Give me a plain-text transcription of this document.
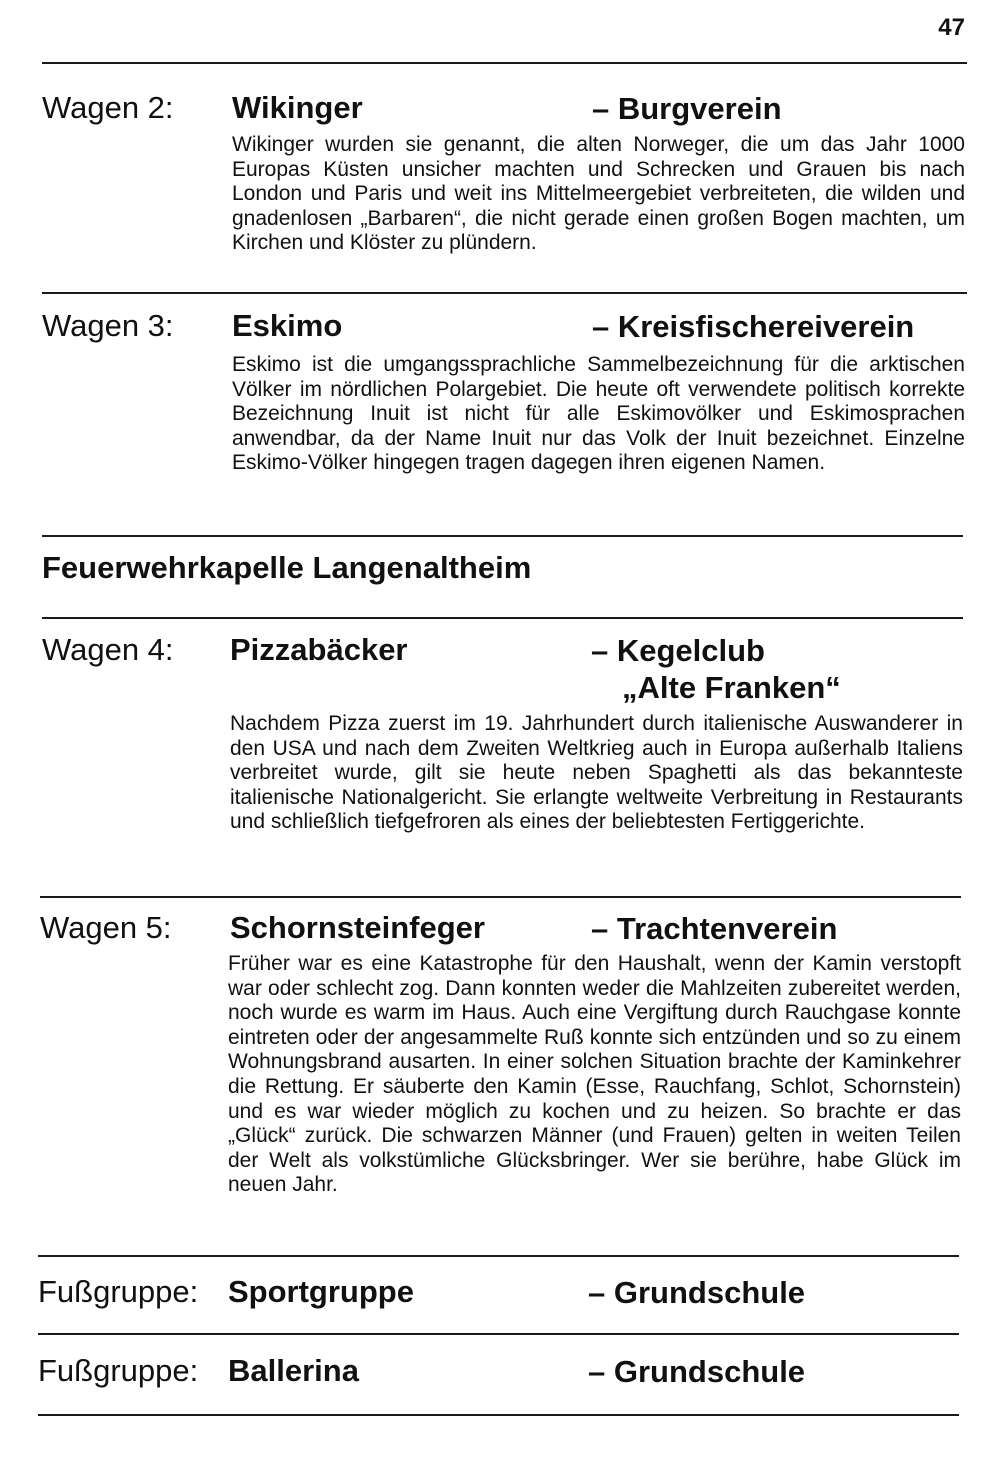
47
Wagen 2: Wikinger	– Burgverein

Wikinger wurden sie genannt, die alten Norweger, die um das Jahr 1000 Europas Küsten unsicher machten und Schrecken und Grauen bis nach London und Paris und weit ins Mittelmeergebiet verbreiteten, die wilden und gnadenlosen „Barbaren“, die nicht gerade einen großen Bogen machten, um Kirchen und Klöster zu plündern.

Wagen 3: Eskimo	– Kreisfischereiverein

Eskimo ist die umgangssprachliche Sammelbezeichnung für die arktischen Völker im nördlichen Polargebiet. Die heute oft verwendete politisch korrekte Bezeichnung Inuit ist nicht für alle Eskimovölker und Eskimosprachen anwendbar, da der Name Inuit nur das Volk der Inuit bezeichnet. Einzelne Eskimo-Völker hingegen tragen dagegen ihren eigenen Namen.

Feuerwehrkapelle Langenaltheim
Wagen 4: Pizzabäcker	– Kegelclub
„Alte Franken“

Nachdem Pizza zuerst im 19. Jahrhundert durch italienische Auswanderer in den USA und nach dem Zweiten Weltkrieg auch in Europa außerhalb Italiens verbreitet wurde, gilt sie heute neben Spaghetti als das bekannteste italienische Nationalgericht. Sie erlangte weltweite Verbreitung in Restaurants und schließlich tiefgefroren als eines der beliebtesten Fertiggerichte.

Wagen 5: Schornsteinfeger	– Trachtenverein

Früher war es eine Katastrophe für den Haushalt, wenn der Kamin verstopft war oder schlecht zog. Dann konnten weder die Mahlzeiten zubereitet werden, noch wurde es warm im Haus. Auch eine Vergiftung durch Rauchgase konnte eintreten oder der angesammelte Ruß konnte sich entzünden und so zu einem Wohnungsbrand ausarten. In einer solchen Situation brachte der Kaminkehrer die Rettung. Er säuberte den Kamin (Esse, Rauchfang, Schlot, Schornstein) und es war wieder möglich zu kochen und zu heizen. So brachte er das „Glück“ zurück. Die schwarzen Männer (und Frauen) gelten in weiten Teilen der Welt als volkstümliche Glücksbringer. Wer sie berühre, habe Glück im neuen Jahr.

Fußgruppe: Sportgruppe	– Grundschule
Fußgruppe: Ballerina	– Grundschule
